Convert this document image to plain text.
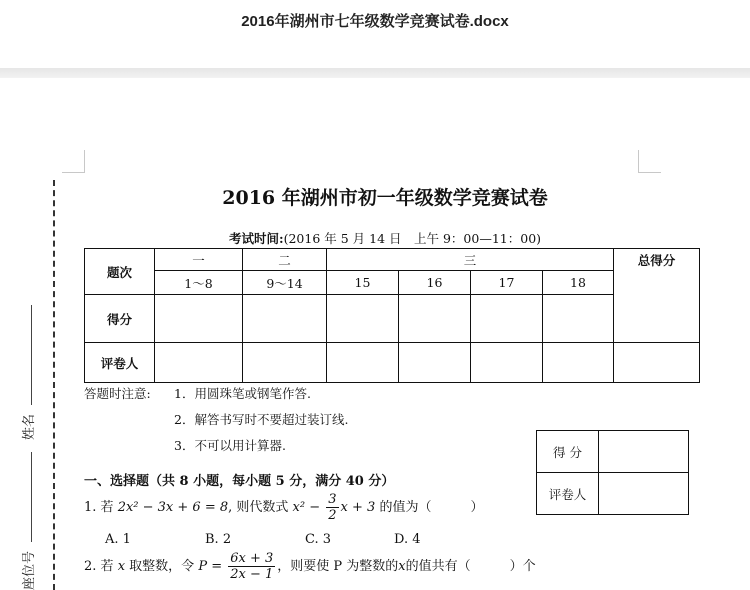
2016年湖州市七年级数学竞赛试卷.docx
姓名
座位号
2016 年湖州市初一年级数学竞赛试卷
考试时间:(2016 年 5 月 14 日　上午 9：00—11：00)
题次	一	二	三				总得分
	1～8	9～14	15	16	17	18	
得分							
评卷人							
答题时注意: 1．用圆珠笔或钢笔作答.
2．解答书写时不要超过装订线.
3．不可以用计算器.	得 分	
评卷人	
一、选择题（共 8 小题，每小题 5 分，满分 40 分）
1. 若 2x² − 3x + 6 = 8, 则代数式 $x^2 - \frac{3}{2}$ x + 3 的值为（　　　）
A. 1	B. 2	C. 3	D. 4
2. 若 x 取整数，令 $P = \frac{6x + 3}{2x - 1}$ ，则要使 P 为整数的x的值共有（　　　）个
